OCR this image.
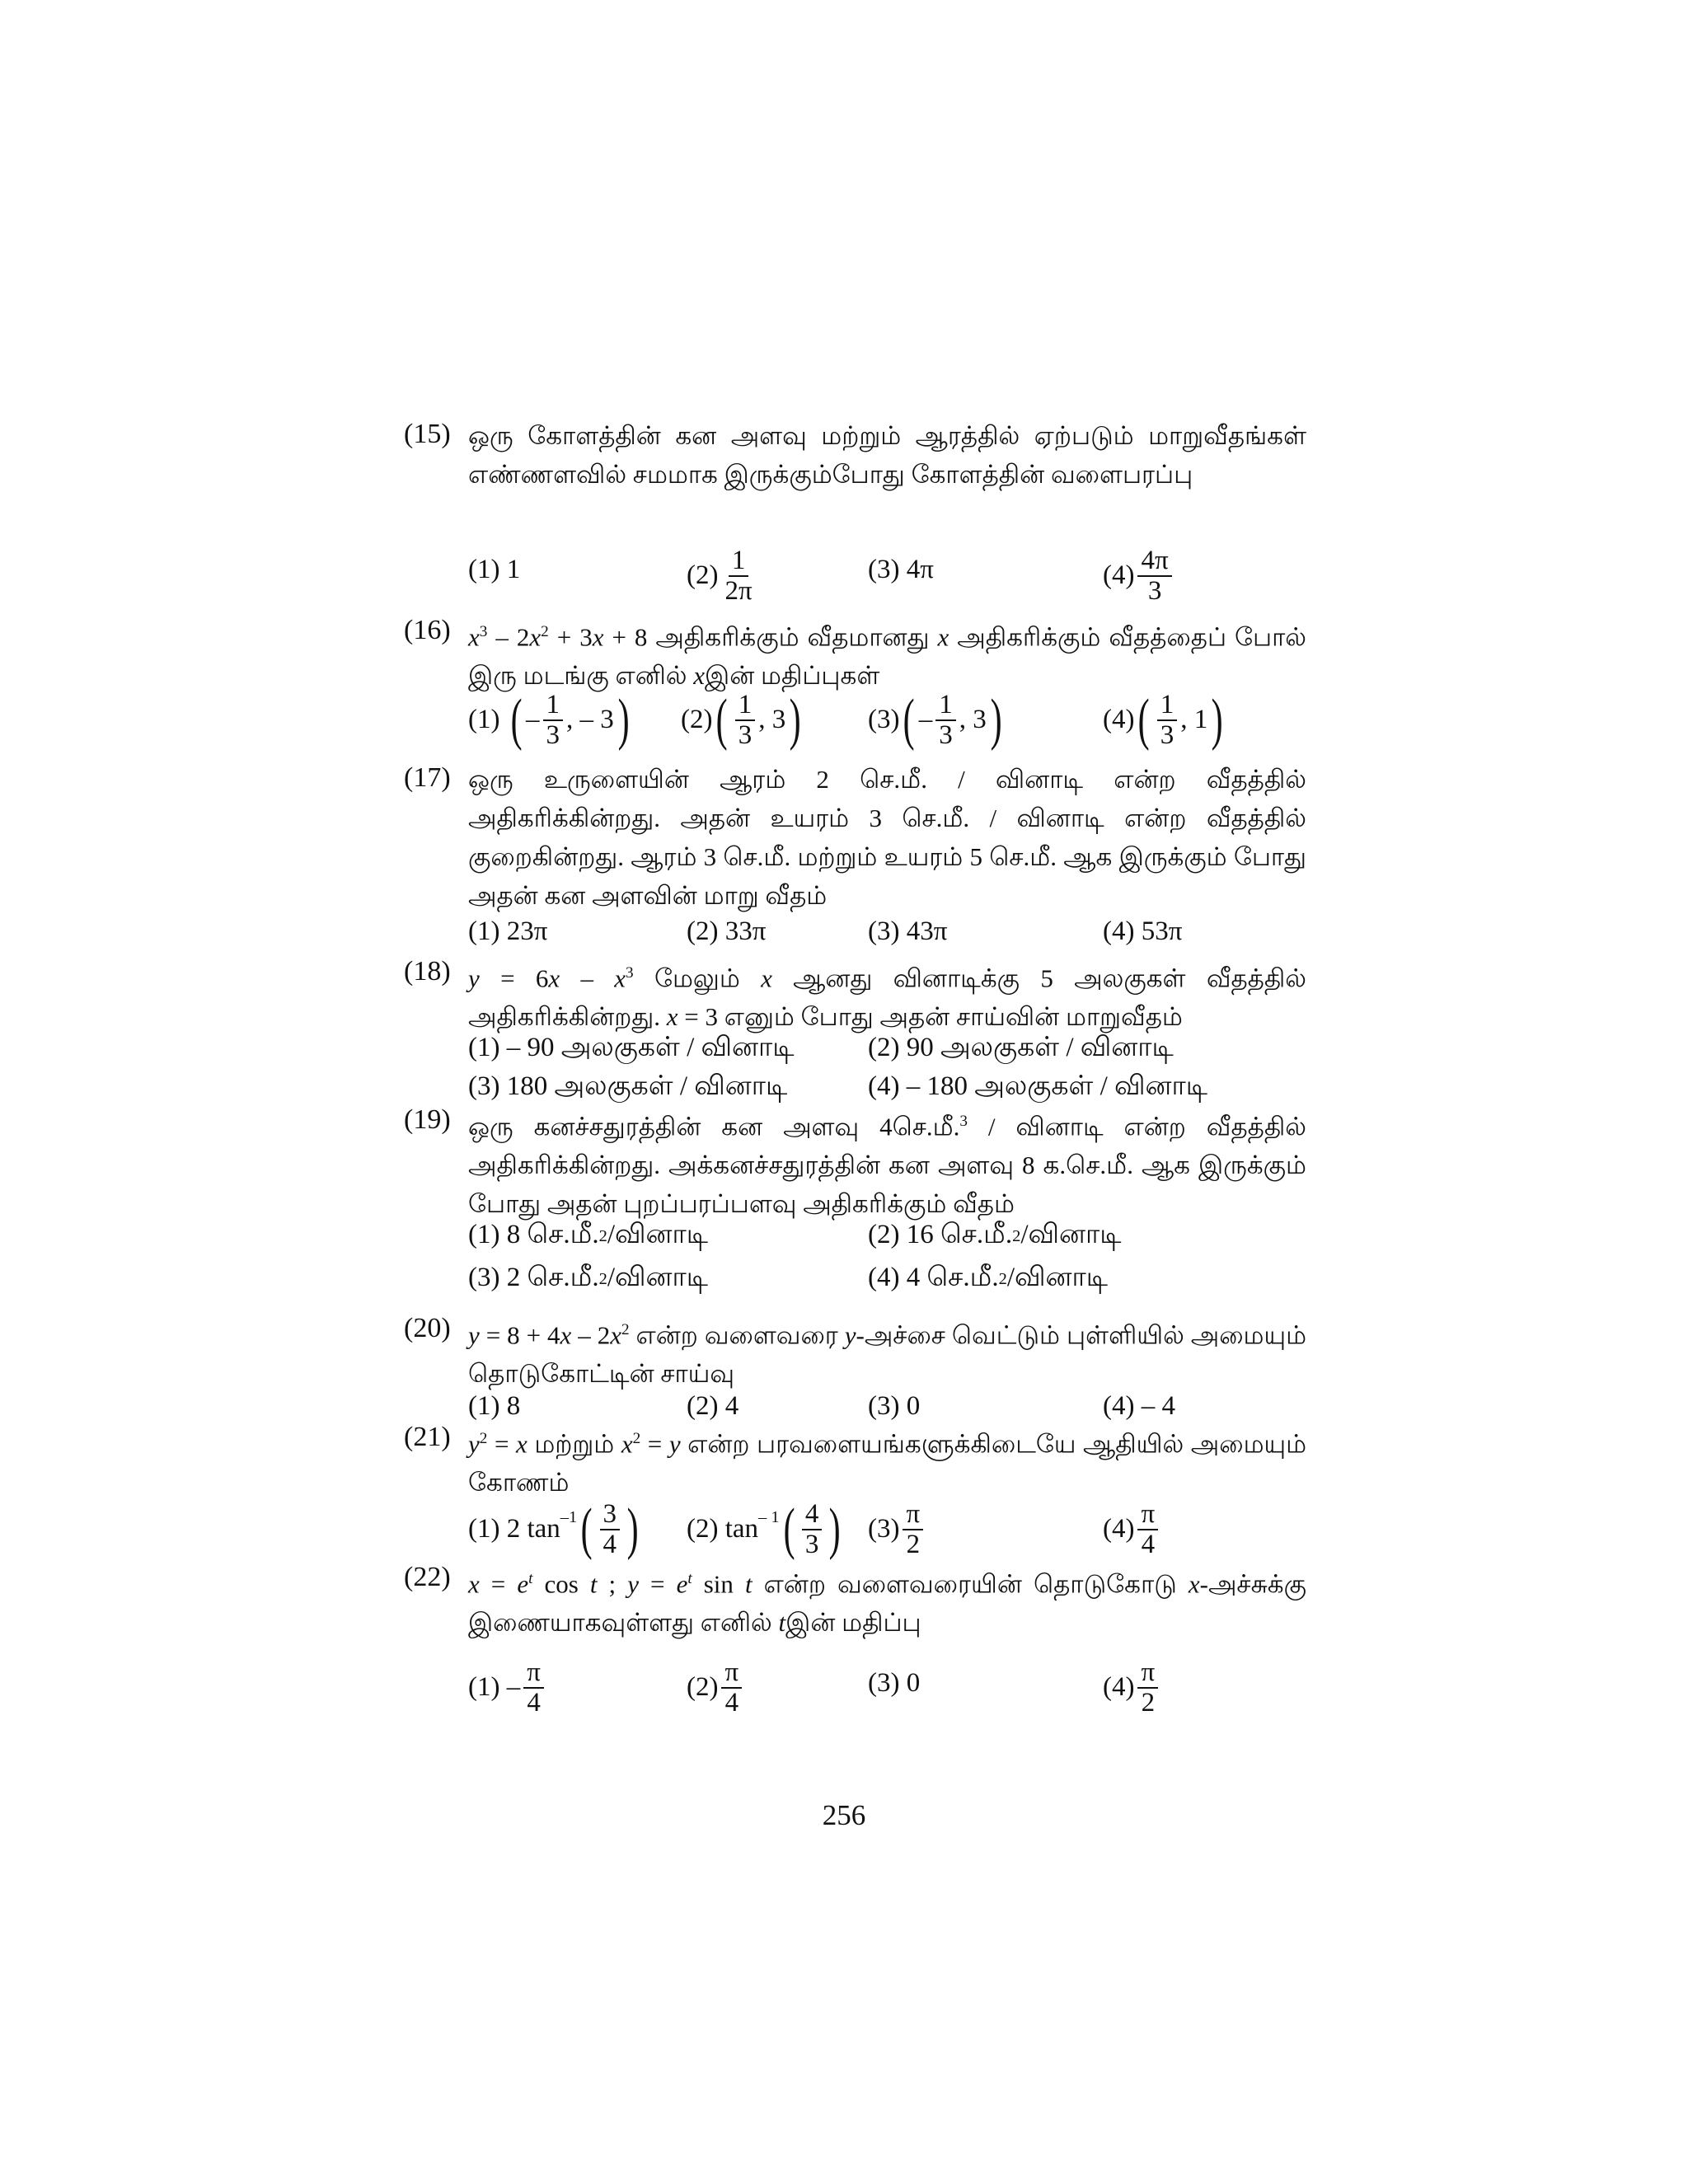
(15) ஒரு கோளத்தின் கன அளவு மற்றும் ஆரத்தில் ஏற்படும் மாறுவீதங்கள் எண்ணளவில் சமமாக இருக்கும்போது கோளத்தின் வளைபரப்பு
(1)
1	$(2) \frac{1}{2\pi}$	(3)
4π	$(4) \frac{4\pi}{3}$
(16) $x^3 - 2x^2 + 3x + 8$ அதிகரிக்கும் வீதமானது x அதிகரிக்கும் வீதத்தைப் போல் இரு மடங்கு எனில் xஇன் மதிப்புகள்
(1)
( – $\frac{1}{3}$ , – 3 ) (2) ( $\frac{1}{3}$ , 3 ) (3) ( – $\frac{1}{3}$ , 3 )	(4) ( $\frac{1}{3}$ , 1 )
(17) ஒரு உருளையின் ஆரம் 2 செ.மீ. / வினாடி என்ற வீதத்தில் அதிகரிக்கின்றது. அதன் உயரம் 3 செ.மீ. / வினாடி என்ற வீதத்தில் குறைகின்றது. ஆரம் 3 செ.மீ. மற்றும் உயரம் 5 செ.மீ. ஆக இருக்கும் போது அதன் கன அளவின் மாறு வீதம்
(1) 23π	(2) 33π	(3) 43π	(4) 53π
(18) $y = 6x - x^3$ மேலும் x ஆனது வினாடிக்கு 5 அலகுகள் வீதத்தில் அதிகரிக்கின்றது. x = 3 எனும் போது அதன் சாய்வின் மாறுவீதம்
(1) – 90 அலகுகள் / வினாடி	(2) 90 அலகுகள் / வினாடி
(3) 180 அலகுகள் / வினாடி	(4) – 180 அலகுகள் / வினாடி
(19) ஒரு கனச்சதுரத்தின் கன அளவு 4செ.மீ.$^3$ / வினாடி என்ற வீதத்தில் அதிகரிக்கின்றது. அக்கனச்சதுரத்தின் கன அளவு 8 க.செ.மீ. ஆக இருக்கும் போது அதன் புறப்பரப்பளவு அதிகரிக்கும் வீதம்
(1) 8 செ.மீ. 2 /வினாடி	(2) 16 செ.மீ. 2 /வினாடி
(3) 2 செ.மீ. 2 /வினாடி	(4) 4 செ.மீ. 2 /வினாடி
(20) $y = 8 + 4x - 2x^2$ என்ற வளைவரை y-அச்சை வெட்டும் புள்ளியில் அமையும் தொடுகோட்டின் சாய்வு
(1) 8	(2) 4	(3) 0	(4) – 4
(21) $y^2 = x$ மற்றும் $x^2 = y$ என்ற பரவளையங்களுக்கிடையே ஆதியில் அமையும் கோணம்
(1) 2 $\tan^{-1}$ ( $\frac{3}{4}$ ) (2) $\tan^{- 1}$ ( $\frac{4}{3}$ ) $(3) \frac{\pi}{2}$	$(4) \frac{\pi}{4}$
(22) $x = e^t$ cos t ; $y = e^t$ sin t என்ற வளைவரையின் தொடுகோடு x-அச்சுக்கு இணையாகவுள்ளது எனில் tஇன் மதிப்பு
$(1) - \frac{\pi}{4}$	$(2) \frac{\pi}{4}$	(3) 0	$(4) \frac{\pi}{2}$
256
